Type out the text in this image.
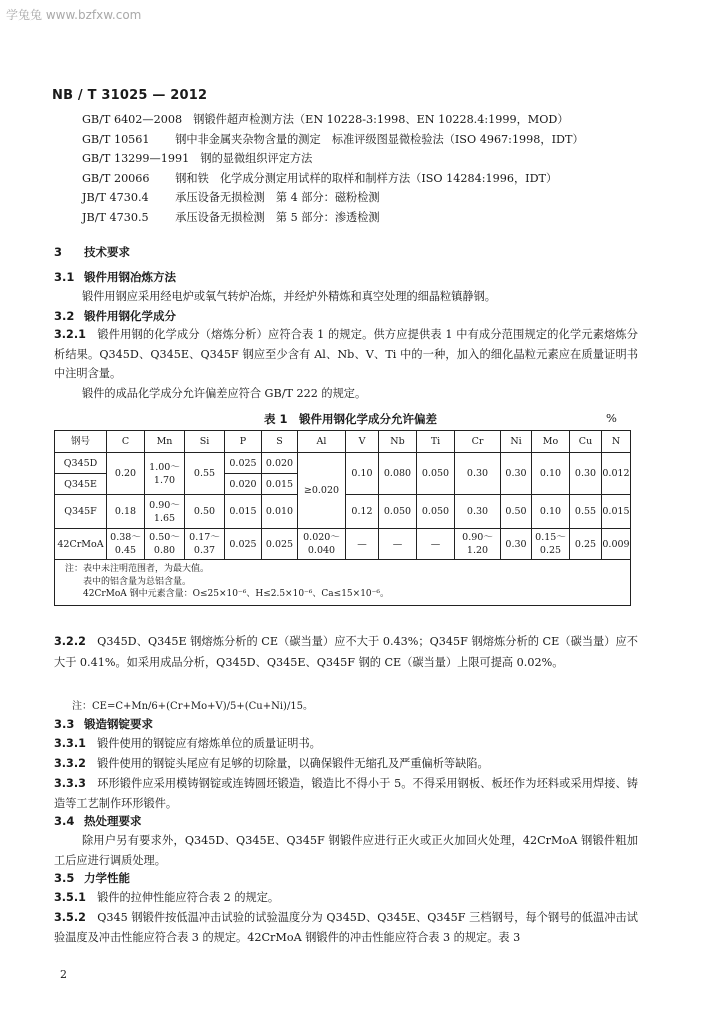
学兔兔 www.bzfxw.com
NB / T 31025 — 2012
GB/T 6402—2008　 钢锻件超声检测方法（EN 10228-3:1998、EN 10228.4:1999，MOD）
GB/T 10561　 钢中非金属夹杂物含量的测定　标准评级图显微检验法（ISO 4967:1998，IDT）
GB/T 13299—1991　 钢的显微组织评定方法
GB/T 20066　 钢和铁　化学成分测定用试样的取样和制样方法（ISO 14284:1996，IDT）
JB/T 4730.4　 承压设备无损检测　第 4 部分：磁粉检测
JB/T 4730.5　 承压设备无损检测　第 5 部分：渗透检测
3 技术要求
3.1 锻件用钢冶炼方法
锻件用钢应采用经电炉或氧气转炉冶炼，并经炉外精炼和真空处理的细晶粒镇静钢。
3.2 锻件用钢化学成分
3.2.1　 锻件用钢的化学成分（熔炼分析）应符合表 1 的规定。供方应提供表 1 中有成分范围规定的化学元素熔炼分析结果。Q345D、Q345E、Q345F 钢应至少含有 Al、Nb、V、Ti 中的一种，加入的细化晶粒元素应在质量证明书中注明含量。
锻件的成品化学成分允许偏差应符合 GB/T 222 的规定。
表 1　锻件用钢化学成分允许偏差	%
钢号	C	Mn	Si	P	S	Al	V	Nb	Ti	Cr	Ni	Mo	Cu	N
Q345D	0.20	1.00～1.70	0.55	0.025	0.020	≥0.020	0.10	0.080	0.050	0.30	0.30	0.10	0.30	0.012
Q345E				0.020	0.015									
Q345F	0.18	0.90～1.65	0.50	0.015	0.010		0.12	0.050	0.050	0.30	0.50	0.10	0.55	0.015
42CrMoA	0.38～0.45	0.50～0.80	0.17～0.37	0.025	0.025	0.020～0.040	—	—	—	0.90～1.20	0.30	0.15～0.25	0.25	0.009

注：表中未注明范围者，为最大值。
　　表中的铝含量为总铝含量。
　　42CrMoA 钢中元素含量：O≤25×10⁻⁶、H≤2.5×10⁻⁶、Ca≤15×10⁻⁶。														
3.2.2　 Q345D、Q345E 钢熔炼分析的 CE（碳当量）应不大于 0.43%；Q345F 钢熔炼分析的 CE（碳当量）应不大于 0.41%。如采用成品分析，Q345D、Q345E、Q345F 钢的 CE（碳当量）上限可提高 0.02%。
注：CE=C+Mn/6+(Cr+Mo+V)/5+(Cu+Ni)/15。
3.3 锻造钢锭要求
3.3.1　 锻件使用的钢锭应有熔炼单位的质量证明书。
3.3.2　 锻件使用的钢锭头尾应有足够的切除量，以确保锻件无缩孔及严重偏析等缺陷。
3.3.3　 环形锻件应采用模铸钢锭或连铸圆坯锻造，锻造比不得小于 5。不得采用钢板、板坯作为坯料或采用焊接、铸造等工艺制作环形锻件。
3.4 热处理要求
除用户另有要求外，Q345D、Q345E、Q345F 钢锻件应进行正火或正火加回火处理，42CrMoA 钢锻件粗加工后应进行调质处理。
3.5 力学性能
3.5.1　 锻件的拉伸性能应符合表 2 的规定。
3.5.2　 Q345 钢锻件按低温冲击试验的试验温度分为 Q345D、Q345E、Q345F 三档钢号，每个钢号的低温冲击试验温度及冲击性能应符合表 3 的规定。42CrMoA 钢锻件的冲击性能应符合表 3 的规定。表 3
2
